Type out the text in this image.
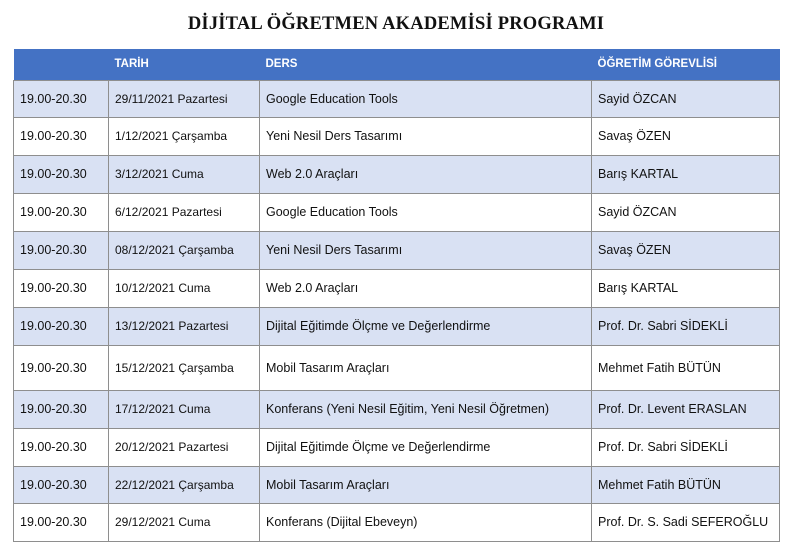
DİJİTAL ÖĞRETMEN AKADEMİSİ PROGRAMI
	TARİH	DERS	ÖĞRETİM GÖREVLİSİ
19.00-20.30	29/11/2021 Pazartesi	Google Education Tools	Sayid ÖZCAN
19.00-20.30	1/12/2021 Çarşamba	Yeni Nesil Ders Tasarımı	Savaş ÖZEN
19.00-20.30	3/12/2021 Cuma	Web 2.0 Araçları	Barış KARTAL
19.00-20.30	6/12/2021 Pazartesi	Google Education Tools	Sayid ÖZCAN
19.00-20.30	08/12/2021 Çarşamba	Yeni Nesil Ders Tasarımı	Savaş ÖZEN
19.00-20.30	10/12/2021 Cuma	Web 2.0 Araçları	Barış KARTAL
19.00-20.30	13/12/2021 Pazartesi	Dijital Eğitimde Ölçme ve Değerlendirme	Prof. Dr. Sabri SİDEKLİ
19.00-20.30	15/12/2021 Çarşamba	Mobil Tasarım Araçları	Mehmet Fatih BÜTÜN
19.00-20.30	17/12/2021 Cuma	Konferans (Yeni Nesil Eğitim, Yeni Nesil Öğretmen)	Prof. Dr. Levent ERASLAN
19.00-20.30	20/12/2021 Pazartesi	Dijital Eğitimde Ölçme ve Değerlendirme	Prof. Dr. Sabri SİDEKLİ
19.00-20.30	22/12/2021 Çarşamba	Mobil Tasarım Araçları	Mehmet Fatih BÜTÜN
19.00-20.30	29/12/2021 Cuma	Konferans (Dijital Ebeveyn)	Prof. Dr. S. Sadi SEFEROĞLU
